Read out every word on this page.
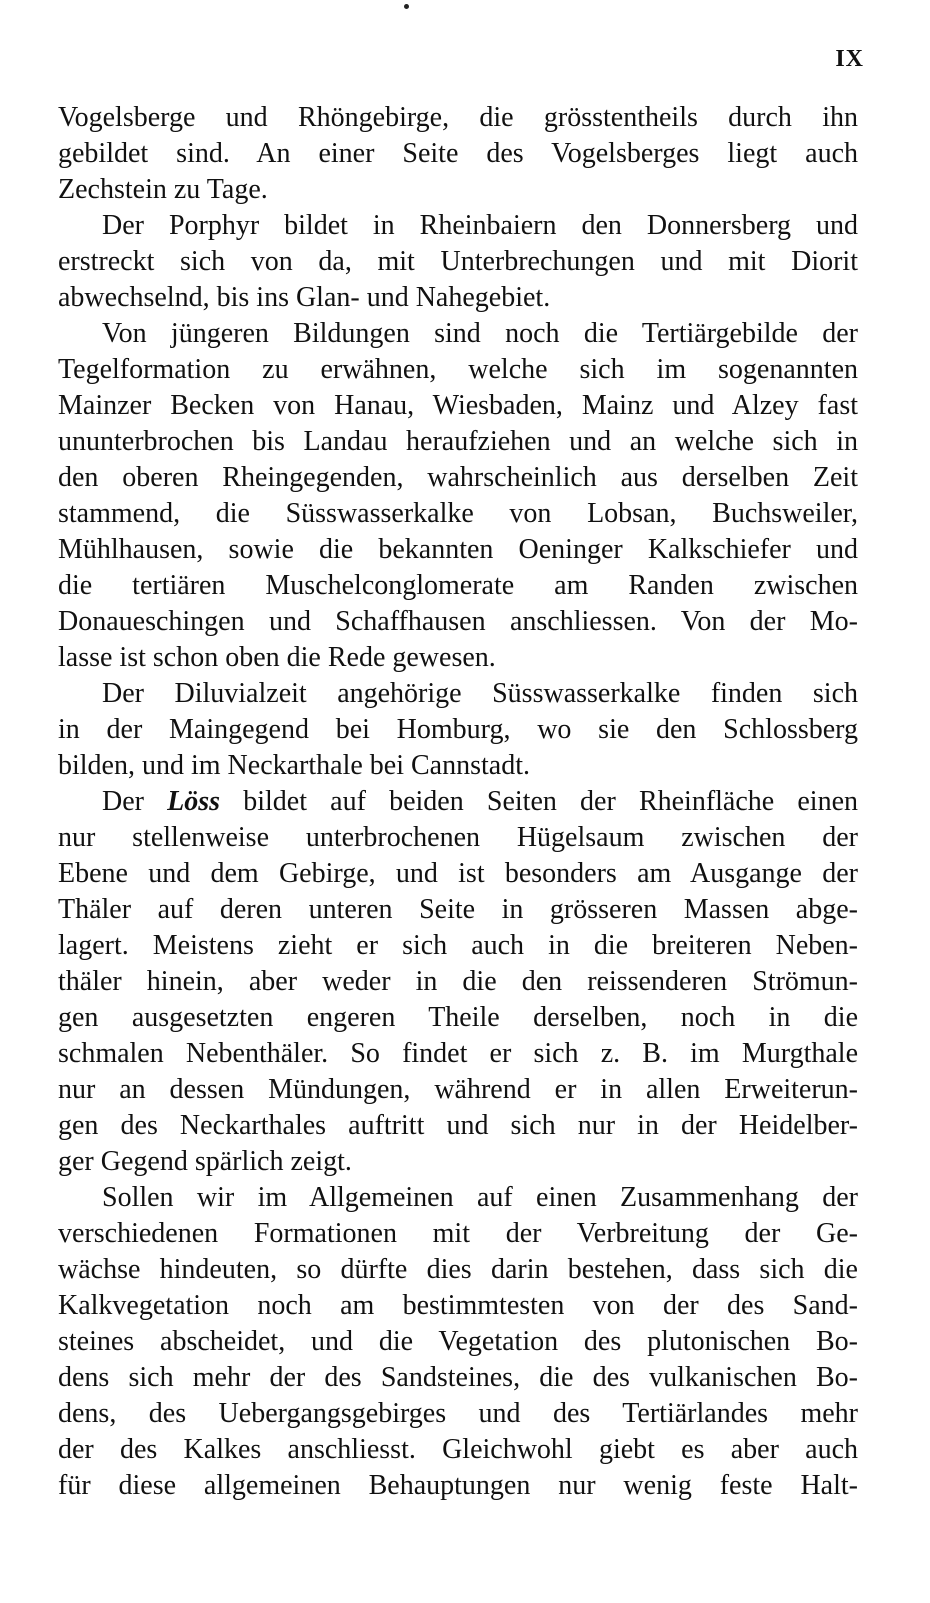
IX

Vogelsberge und Rhöngebirge, die grösstentheils durch ihn
gebildet sind. An einer Seite des Vogelsberges liegt auch
Zechstein zu Tage.

Der Porphyr bildet in Rheinbaiern den Donnersberg und
erstreckt sich von da, mit Unterbrechungen und mit Diorit
abwechselnd, bis ins Glan- und Nahegebiet.

Von jüngeren Bildungen sind noch die Tertiärgebilde der
Tegelformation zu erwähnen, welche sich im sogenannten
Mainzer Becken von Hanau, Wiesbaden, Mainz und Alzey fast
ununterbrochen bis Landau heraufziehen und an welche sich in
den oberen Rheingegenden, wahrscheinlich aus derselben Zeit
stammend, die Süsswasserkalke von Lobsan, Buchsweiler,
Mühlhausen, sowie die bekannten Oeninger Kalkschiefer und
die tertiären Muschelconglomerate am Randen zwischen
Donaueschingen und Schaffhausen anschliessen. Von der Mo-
lasse ist schon oben die Rede gewesen.

Der Diluvialzeit angehörige Süsswasserkalke finden sich
in der Maingegend bei Homburg, wo sie den Schlossberg
bilden, und im Neckarthale bei Cannstadt.

Der Löss bildet auf beiden Seiten der Rheinfläche einen
nur stellenweise unterbrochenen Hügelsaum zwischen der
Ebene und dem Gebirge, und ist besonders am Ausgange der
Thäler auf deren unteren Seite in grösseren Massen abge-
lagert. Meistens zieht er sich auch in die breiteren Neben-
thäler hinein, aber weder in die den reissenderen Strömun-
gen ausgesetzten engeren Theile derselben, noch in die
schmalen Nebenthäler. So findet er sich z. B. im Murgthale
nur an dessen Mündungen, während er in allen Erweiterun-
gen des Neckarthales auftritt und sich nur in der Heidelber-
ger Gegend spärlich zeigt.

Sollen wir im Allgemeinen auf einen Zusammenhang der
verschiedenen Formationen mit der Verbreitung der Ge-
wächse hindeuten, so dürfte dies darin bestehen, dass sich die
Kalkvegetation noch am bestimmtesten von der des Sand-
steines abscheidet, und die Vegetation des plutonischen Bo-
dens sich mehr der des Sandsteines, die des vulkanischen Bo-
dens, des Uebergangsgebirges und des Tertiärlandes mehr
der des Kalkes anschliesst. Gleichwohl giebt es aber auch
für diese allgemeinen Behauptungen nur wenig feste Halt-
